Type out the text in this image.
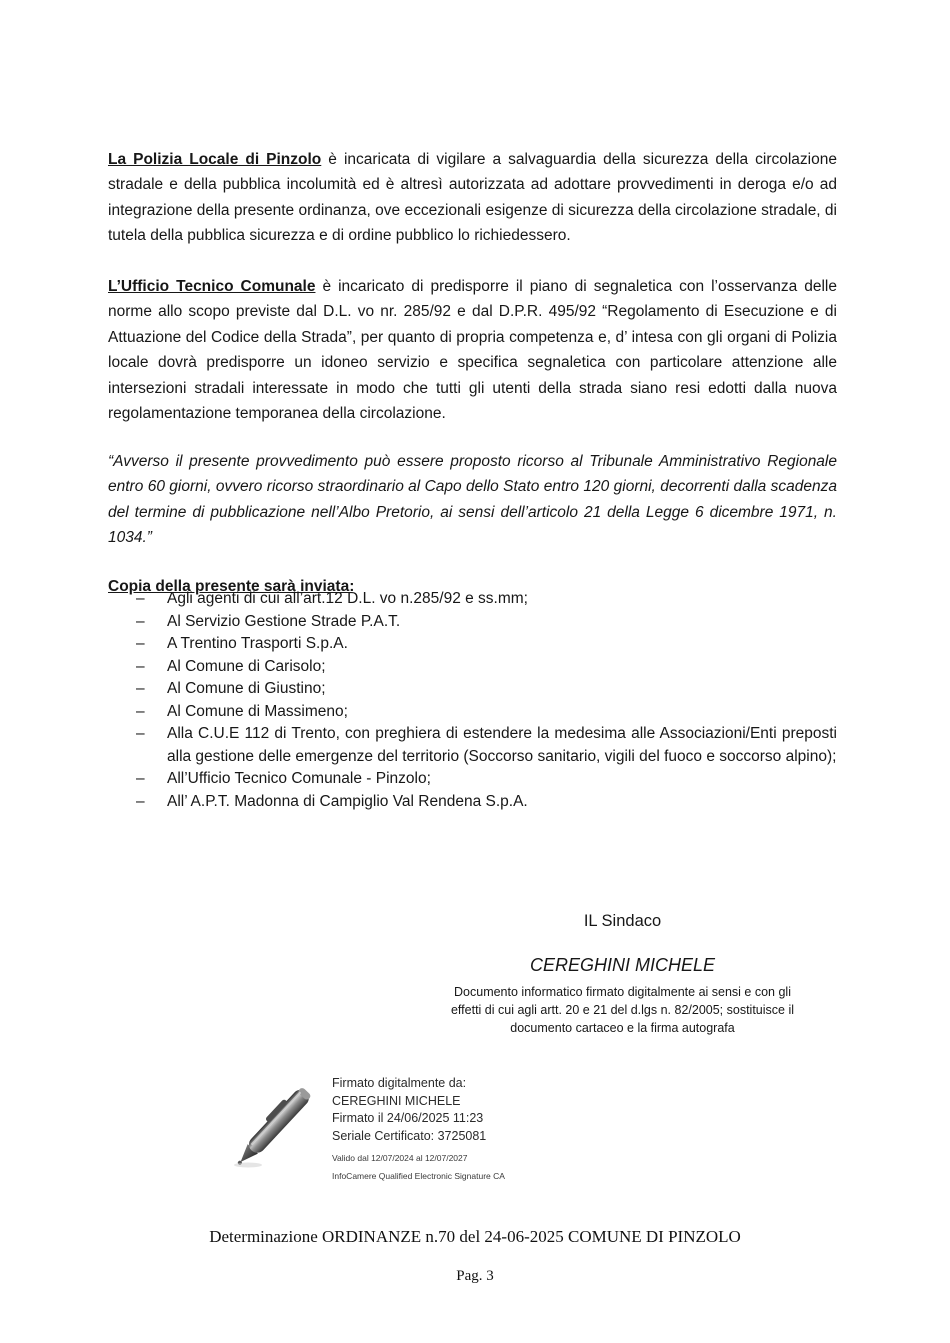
La Polizia Locale di Pinzolo è incaricata di vigilare a salvaguardia della sicurezza della circolazione stradale e della pubblica incolumità ed è altresì autorizzata ad adottare provvedimenti in deroga e/o ad integrazione della presente ordinanza, ove eccezionali esigenze di sicurezza della circolazione stradale, di tutela della pubblica sicurezza e di ordine pubblico lo richiedessero.

L’Ufficio Tecnico Comunale è incaricato di predisporre il piano di segnaletica con l’osservanza delle norme allo scopo previste dal D.L. vo nr. 285/92 e dal D.P.R. 495/92 “Regolamento di Esecuzione e di Attuazione del Codice della Strada”, per quanto di propria competenza e, d’ intesa con gli organi di Polizia locale dovrà predisporre un idoneo servizio e specifica segnaletica con particolare attenzione alle intersezioni stradali interessate in modo che tutti gli utenti della strada siano resi edotti dalla nuova regolamentazione temporanea della circolazione.

“Avverso il presente provvedimento può essere proposto ricorso al Tribunale Amministrativo Regionale entro 60 giorni, ovvero ricorso straordinario al Capo dello Stato entro 120 giorni, decorrenti dalla scadenza del termine di pubblicazione nell’Albo Pretorio, ai sensi dell’articolo 21 della Legge 6 dicembre 1971, n. 1034.”

Copia della presente sarà inviata:

–	Agli agenti di cui all’art.12 D.L. vo n.285/92 e ss.mm;
–	Al Servizio Gestione Strade P.A.T.
–	A Trentino Trasporti S.p.A.
–	Al Comune di Carisolo;
–	Al Comune di Giustino;
–	Al Comune di Massimeno;
–	Alla C.U.E 112 di Trento, con preghiera di estendere la medesima alle Associazioni/Enti preposti alla gestione delle emergenze del territorio (Soccorso sanitario, vigili del fuoco e soccorso alpino);
–	All’Ufficio Tecnico Comunale - Pinzolo;
–	All’ A.P.T. Madonna di Campiglio Val Rendena S.p.A.
IL Sindaco
CEREGHINI MICHELE
Documento informatico firmato digitalmente ai sensi e con gli effetti di cui agli artt. 20 e 21 del d.lgs n. 82/2005; sostituisce il documento cartaceo e la firma autografa
Firmato digitalmente da:
CEREGHINI MICHELE
Firmato il 24/06/2025 11:23
Seriale Certificato: 3725081
Valido dal 12/07/2024 al 12/07/2027
InfoCamere Qualified Electronic Signature CA
Determinazione ORDINANZE n.70 del 24-06-2025 COMUNE DI PINZOLO
Pag. 3
